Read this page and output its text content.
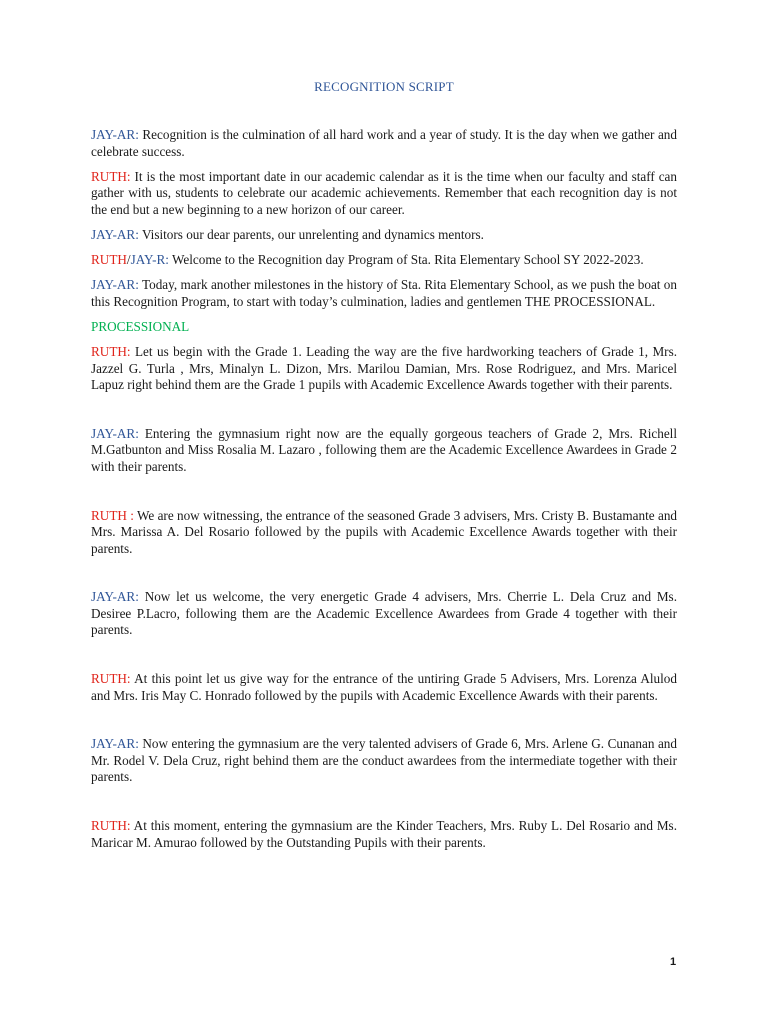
RECOGNITION SCRIPT

JAY-AR: Recognition is the culmination of all hard work and a year of study. It is the day when we gather and celebrate success.

RUTH: It is the most important date in our academic calendar as it is the time when our faculty and staff can gather with us, students to celebrate our academic achievements. Remember that each recognition day is not the end but a new beginning to a new horizon of our career.

JAY-AR: Visitors our dear parents, our unrelenting and dynamics mentors.

RUTH/JAY-R: Welcome to the Recognition day Program of Sta. Rita Elementary School SY 2022-2023.

JAY-AR: Today, mark another milestones in the history of Sta. Rita Elementary School, as we push the boat on this Recognition Program, to start with today’s culmination, ladies and gentlemen THE PROCESSIONAL.

PROCESSIONAL

RUTH: Let us begin with the Grade 1. Leading the way are the five hardworking teachers of Grade 1, Mrs. Jazzel G. Turla , Mrs, Minalyn L. Dizon, Mrs. Marilou Damian, Mrs. Rose Rodriguez, and Mrs. Maricel Lapuz right behind them are the Grade 1 pupils with Academic Excellence Awards together with their parents.

JAY-AR: Entering the gymnasium right now are the equally gorgeous teachers of Grade 2, Mrs. Richell M.Gatbunton and Miss Rosalia M. Lazaro , following them are the Academic Excellence Awardees in Grade 2 with their parents.

RUTH : We are now witnessing, the entrance of the seasoned Grade 3 advisers, Mrs. Cristy B. Bustamante and Mrs. Marissa A. Del Rosario followed by the pupils with Academic Excellence Awards together with their parents.

JAY-AR: Now let us welcome, the very energetic Grade 4 advisers, Mrs. Cherrie L. Dela Cruz and Ms. Desiree P.Lacro, following them are the Academic Excellence Awardees from Grade 4 together with their parents.

RUTH: At this point let us give way for the entrance of the untiring Grade 5 Advisers, Mrs. Lorenza Alulod and Mrs. Iris May C. Honrado followed by the pupils with Academic Excellence Awards with their parents.

JAY-AR: Now entering the gymnasium are the very talented advisers of Grade 6, Mrs. Arlene G. Cunanan and Mr. Rodel V. Dela Cruz, right behind them are the conduct awardees from the intermediate together with their parents.

RUTH: At this moment, entering the gymnasium are the Kinder Teachers, Mrs. Ruby L. Del Rosario and Ms. Maricar M. Amurao followed by the Outstanding Pupils with their parents.

1
